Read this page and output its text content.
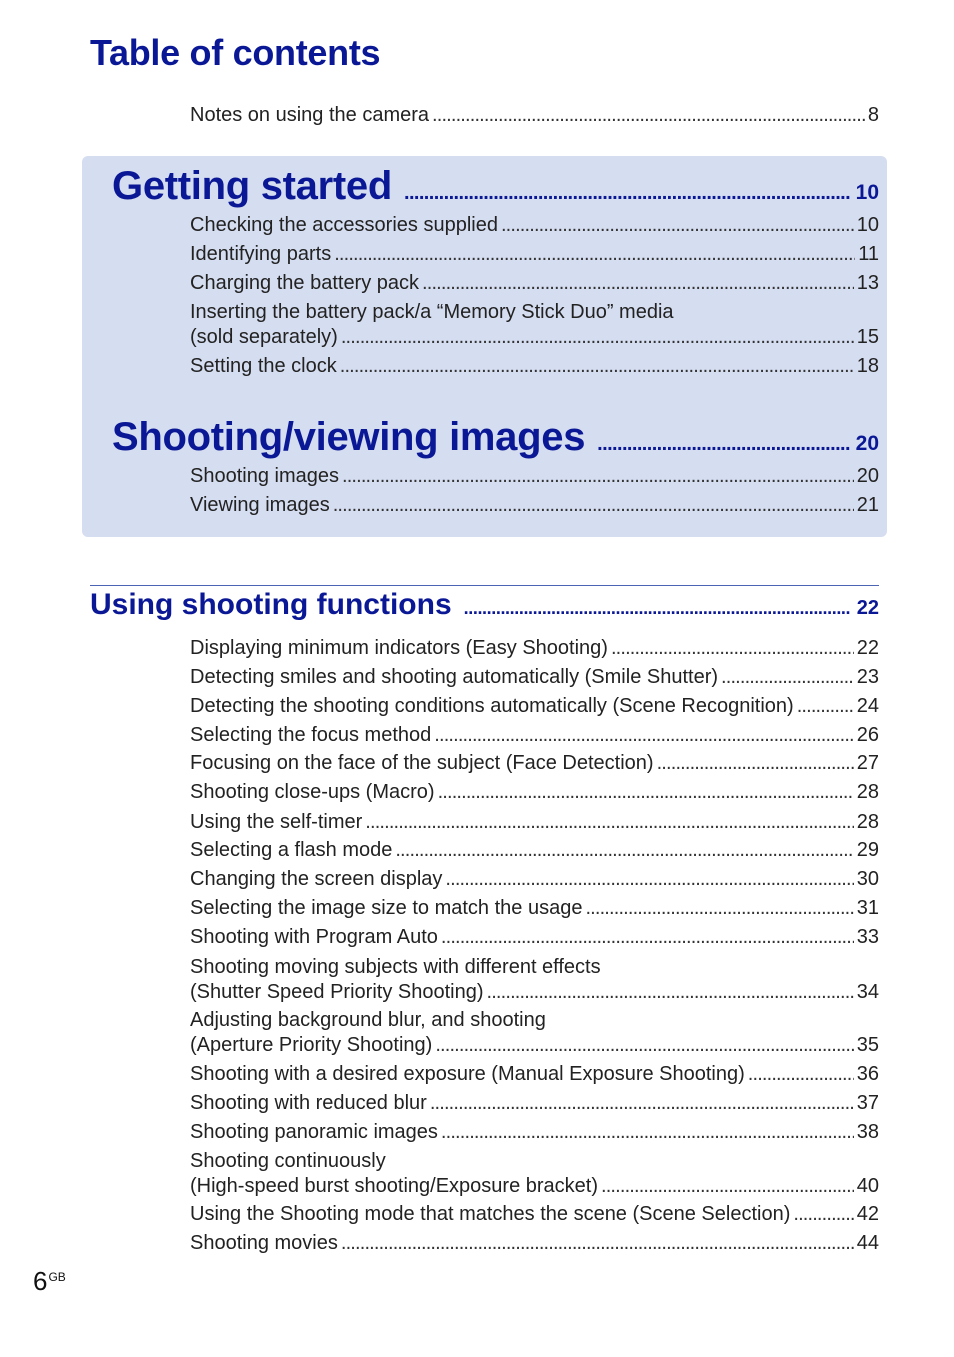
Table of contents
Notes on using the camera . . .	8
Getting started .....	10
Checking the accessories supplied . . .	10
Identifying parts . . .	11
Charging the battery pack . . .	13
Inserting the battery pack/a “Memory Stick Duo” media
(sold separately) . . .	15
Setting the clock . . .	18
Shooting/viewing images .....	20
Shooting images . . .	20
Viewing images . . .	21
Using shooting functions .....	22
Displaying minimum indicators (Easy Shooting) . . .	22
Detecting smiles and shooting automatically (Smile Shutter) . . .	23
Detecting the shooting conditions automatically (Scene Recognition) . . .	24
Selecting the focus method . . .	26
Focusing on the face of the subject (Face Detection) . . .	27
Shooting close-ups (Macro) . . .	28
Using the self-timer . . .	28
Selecting a flash mode . . .	29
Changing the screen display . . .	30
Selecting the image size to match the usage . . .	31
Shooting with Program Auto . . .	33
Shooting moving subjects with different effects
(Shutter Speed Priority Shooting) . . .	34
Adjusting background blur, and shooting
(Aperture Priority Shooting) . . .	35
Shooting with a desired exposure (Manual Exposure Shooting) . . .	36
Shooting with reduced blur . . .	37
Shooting panoramic images . . .	38
Shooting continuously
(High-speed burst shooting/Exposure bracket) . . .	40
Using the Shooting mode that matches the scene (Scene Selection) . . .	42
Shooting movies . . .	44
$6^{GB}$
